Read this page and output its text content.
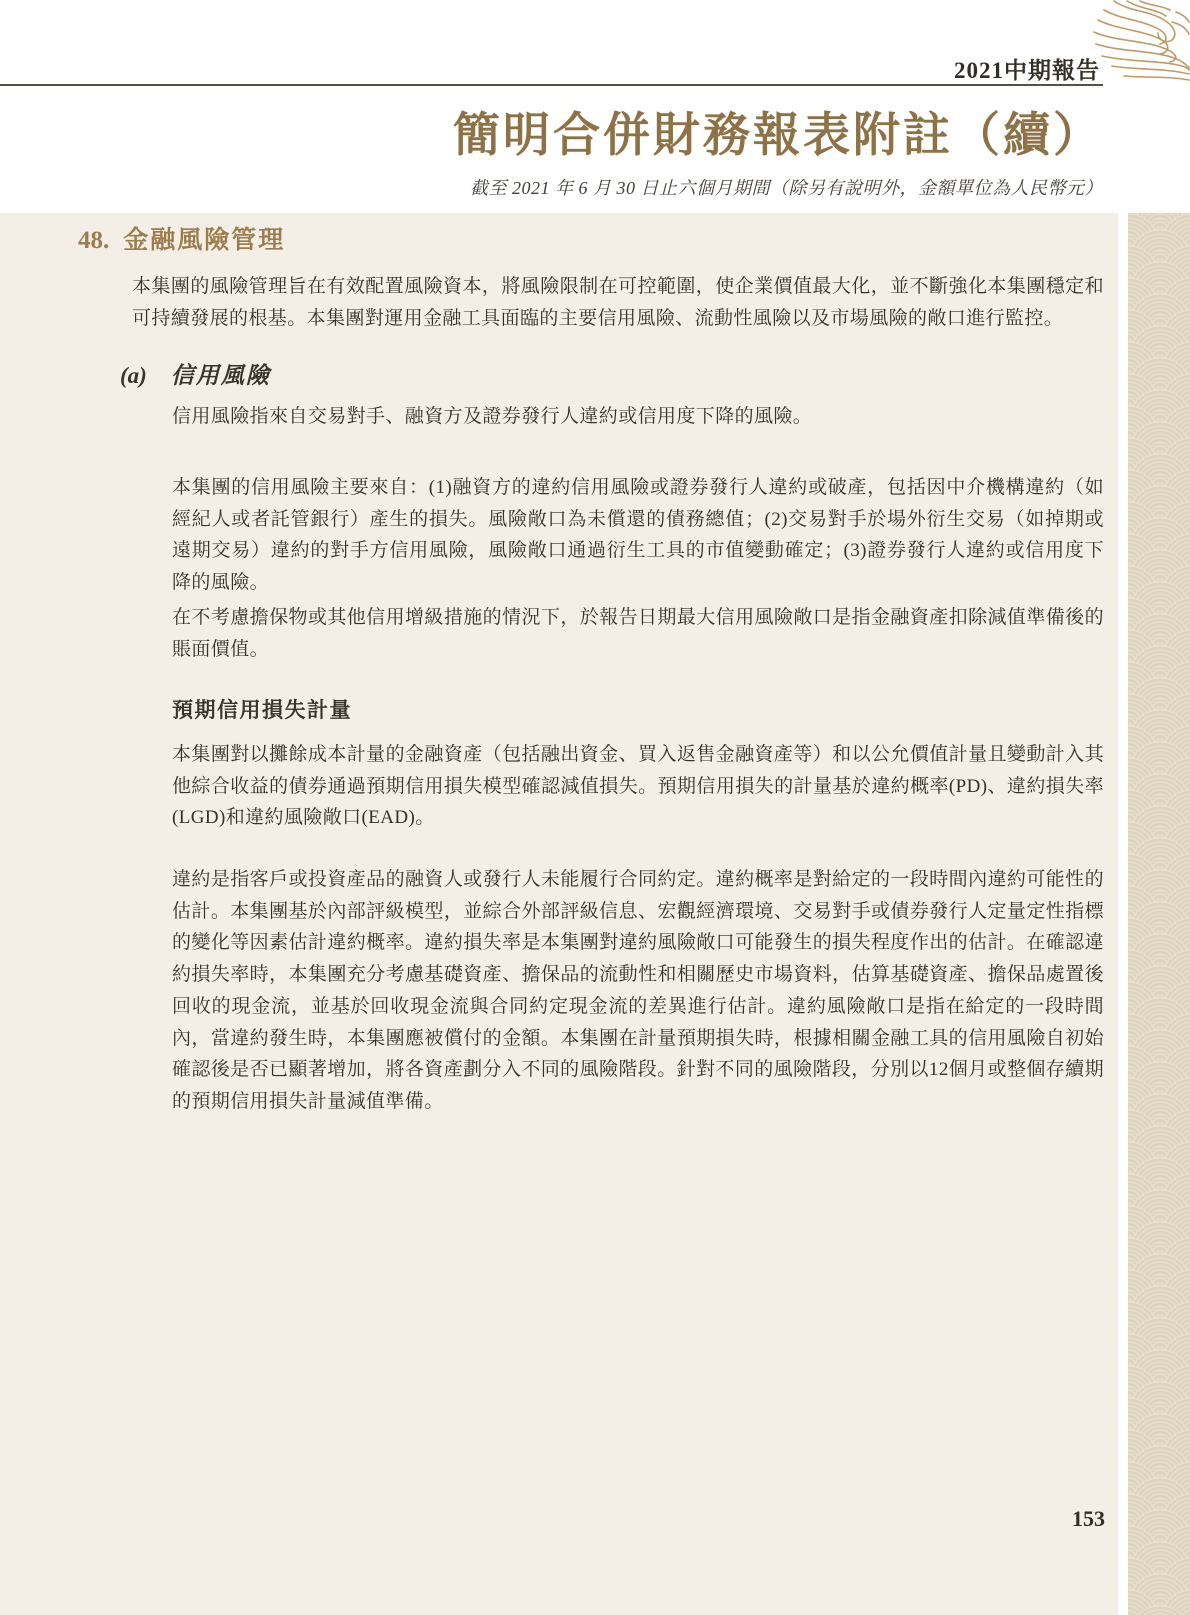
2021中期報告
簡明合併財務報表附註（續）
截至 2021 年 6 月 30 日止六個月期間（除另有說明外，金額單位為人民幣元）
48. 金融風險管理
本集團的風險管理旨在有效配置風險資本，將風險限制在可控範圍，使企業價值最大化，並不斷強化本集團穩定和可持續發展的根基。本集團對運用金融工具面臨的主要信用風險、流動性風險以及市場風險的敞口進行監控。
(a) 信用風險
信用風險指來自交易對手、融資方及證券發行人違約或信用度下降的風險。
本集團的信用風險主要來自：(1)融資方的違約信用風險或證券發行人違約或破產，包括因中介機構違約（如經紀人或者託管銀行）產生的損失。風險敞口為未償還的債務總值；(2)交易對手於場外衍生交易（如掉期或遠期交易）違約的對手方信用風險，風險敞口通過衍生工具的市值變動確定；(3)證券發行人違約或信用度下降的風險。
在不考慮擔保物或其他信用增級措施的情況下，於報告日期最大信用風險敞口是指金融資產扣除減值準備後的賬面價值。
預期信用損失計量
本集團對以攤餘成本計量的金融資產（包括融出資金、買入返售金融資產等）和以公允價值計量且變動計入其他綜合收益的債券通過預期信用損失模型確認減值損失。預期信用損失的計量基於違約概率(PD)、違約損失率(LGD)和違約風險敞口(EAD)。
違約是指客戶或投資產品的融資人或發行人未能履行合同約定。違約概率是對給定的一段時間內違約可能性的估計。本集團基於內部評級模型，並綜合外部評級信息、宏觀經濟環境、交易對手或債券發行人定量定性指標的變化等因素估計違約概率。違約損失率是本集團對違約風險敞口可能發生的損失程度作出的估計。在確認違約損失率時，本集團充分考慮基礎資產、擔保品的流動性和相關歷史市場資料，估算基礎資產、擔保品處置後回收的現金流，並基於回收現金流與合同約定現金流的差異進行估計。違約風險敞口是指在給定的一段時間內，當違約發生時，本集團應被償付的金額。本集團在計量預期損失時，根據相關金融工具的信用風險自初始確認後是否已顯著增加，將各資產劃分入不同的風險階段。針對不同的風險階段，分別以12個月或整個存續期的預期信用損失計量減值準備。
153
